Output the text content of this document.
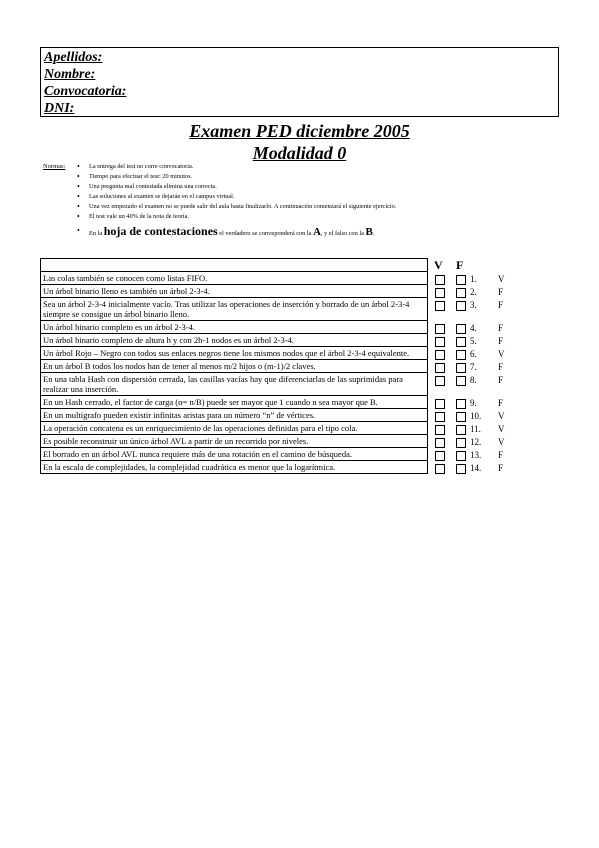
Apellidos:
Nombre:
Convocatoria:
DNI:
Examen PED diciembre 2005
Modalidad 0
Normas:
•	La entrega del test no corre convocatoria.
• Tiempo para efectuar el test: 20 minutos.
• Una pregunta mal contestada elimina una correcta.
• Las soluciones al examen se dejarán en el campus virtual.
• Una vez empezado el examen no se puede salir del aula hasta finalizarlo. A continuación comenzará el siguiente ejercicio.
• El test vale un 40% de la nota de teoría.
• En la hoja de contestaciones el verdadero se corresponderá con la A, y el falso con la B.
V F

Las colas también se conocen como listas FIFO.
Un árbol binario lleno es también un árbol 2-3-4.
Sea un árbol 2-3-4 inicialmente vacío. Tras utilizar las operaciones de inserción y borrado de un árbol 2-3-4 siempre se consigue un árbol binario lleno.
Un árbol binario completo es un árbol 2-3-4.
Un árbol binario completo de altura h y con 2h-1 nodos es un árbol 2-3-4.
Un árbol Rojo – Negro con todos sus enlaces negros tiene los mismos nodos que el árbol 2-3-4 equivalente.
En un árbol B todos los nodos han de tener al menos m/2 hijos o (m-1)/2 claves.
En una tabla Hash con dispersión cerrada, las casillas vacías hay que diferenciarlas de las suprimidas para realizar una inserción.
En un Hash cerrado, el factor de carga (α= n/B) puede ser mayor que 1 cuando n sea mayor que B.
En un multigrafo pueden existir infinitas aristas para un número “n” de vértices.
La operación concatena es un enriquecimiento de las operaciones definidas para el tipo cola.
Es posible reconstruir un único árbol AVL a partir de un recorrido por niveles.
El borrado en un árbol AVL nunca requiere más de una rotación en el camino de búsqueda.
En la escala de complejidades, la complejidad cuadrática es menor que la logarítmica.
1.	V
2.	F
3.	F
4.	F
5.	F
6.	V
7.	F
8.	F
9.	F
10.	V
11.	V
12.	V
13.	F
14.	F
